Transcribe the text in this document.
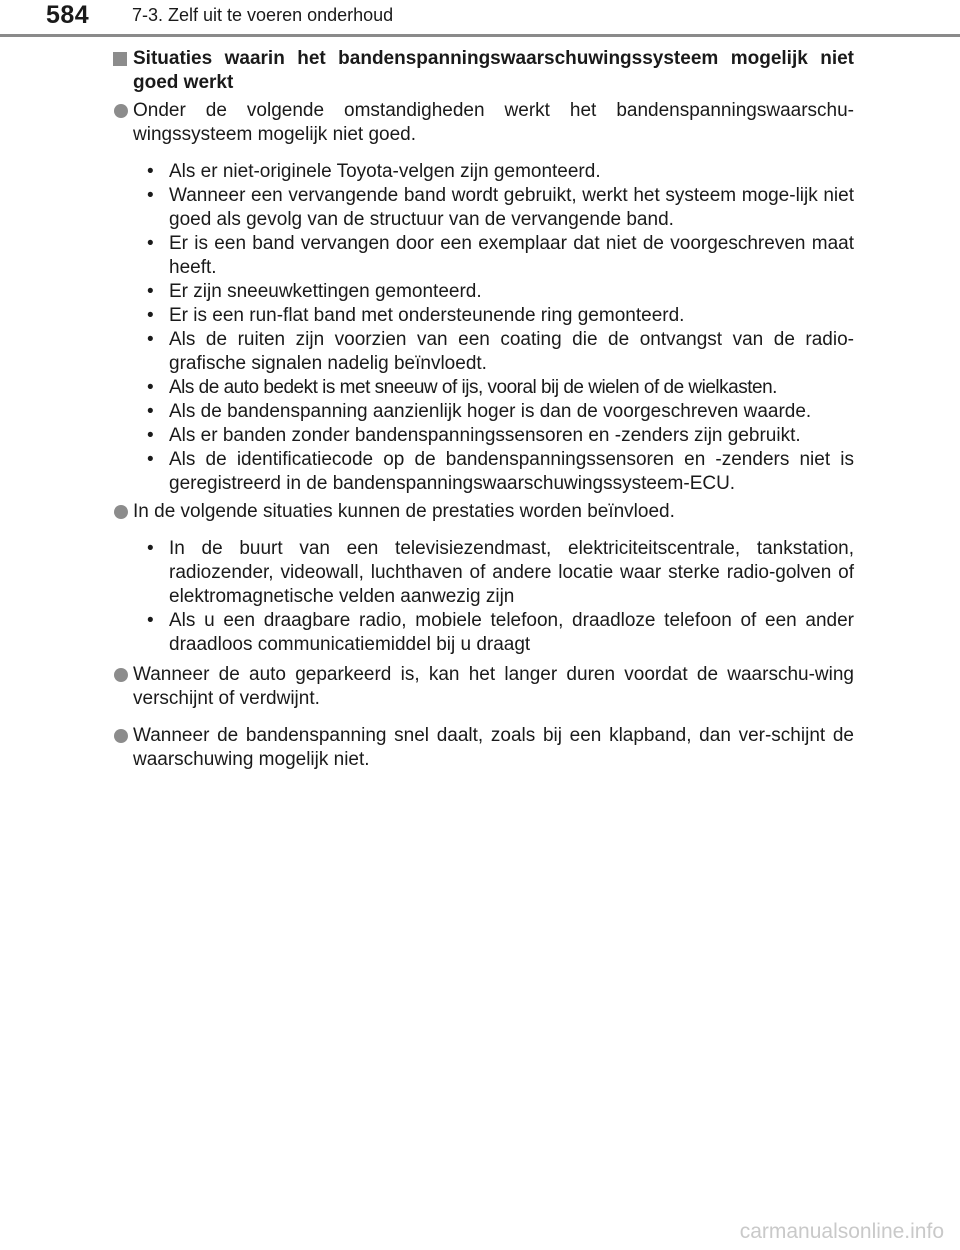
584 7-3. Zelf uit te voeren onderhoud
Situaties waarin het bandenspanningswaarschuwingssysteem mogelijk niet goed werkt
Onder de volgende omstandigheden werkt het bandenspanningswaarschu-wingssysteem mogelijk niet goed.
• Als er niet-originele Toyota-velgen zijn gemonteerd.
• Wanneer een vervangende band wordt gebruikt, werkt het systeem moge-lijk niet goed als gevolg van de structuur van de vervangende band.
• Er is een band vervangen door een exemplaar dat niet de voorgeschreven maat heeft.
• Er zijn sneeuwkettingen gemonteerd.
• Er is een run-flat band met ondersteunende ring gemonteerd.
• Als de ruiten zijn voorzien van een coating die de ontvangst van de radio-grafische signalen nadelig beïnvloedt.
• Als de auto bedekt is met sneeuw of ijs, vooral bij de wielen of de wielkasten.
• Als de bandenspanning aanzienlijk hoger is dan de voorgeschreven waarde.
• Als er banden zonder bandenspanningssensoren en -zenders zijn gebruikt.
• Als de identificatiecode op de bandenspanningssensoren en -zenders niet is geregistreerd in de bandenspanningswaarschuwingssysteem-ECU.
In de volgende situaties kunnen de prestaties worden beïnvloed.
• In de buurt van een televisiezendmast, elektriciteitscentrale, tankstation, radiozender, videowall, luchthaven of andere locatie waar sterke radio-golven of elektromagnetische velden aanwezig zijn
• Als u een draagbare radio, mobiele telefoon, draadloze telefoon of een ander draadloos communicatiemiddel bij u draagt
Wanneer de auto geparkeerd is, kan het langer duren voordat de waarschu-wing verschijnt of verdwijnt.
Wanneer de bandenspanning snel daalt, zoals bij een klapband, dan ver-schijnt de waarschuwing mogelijk niet.
carmanualsonline.info
